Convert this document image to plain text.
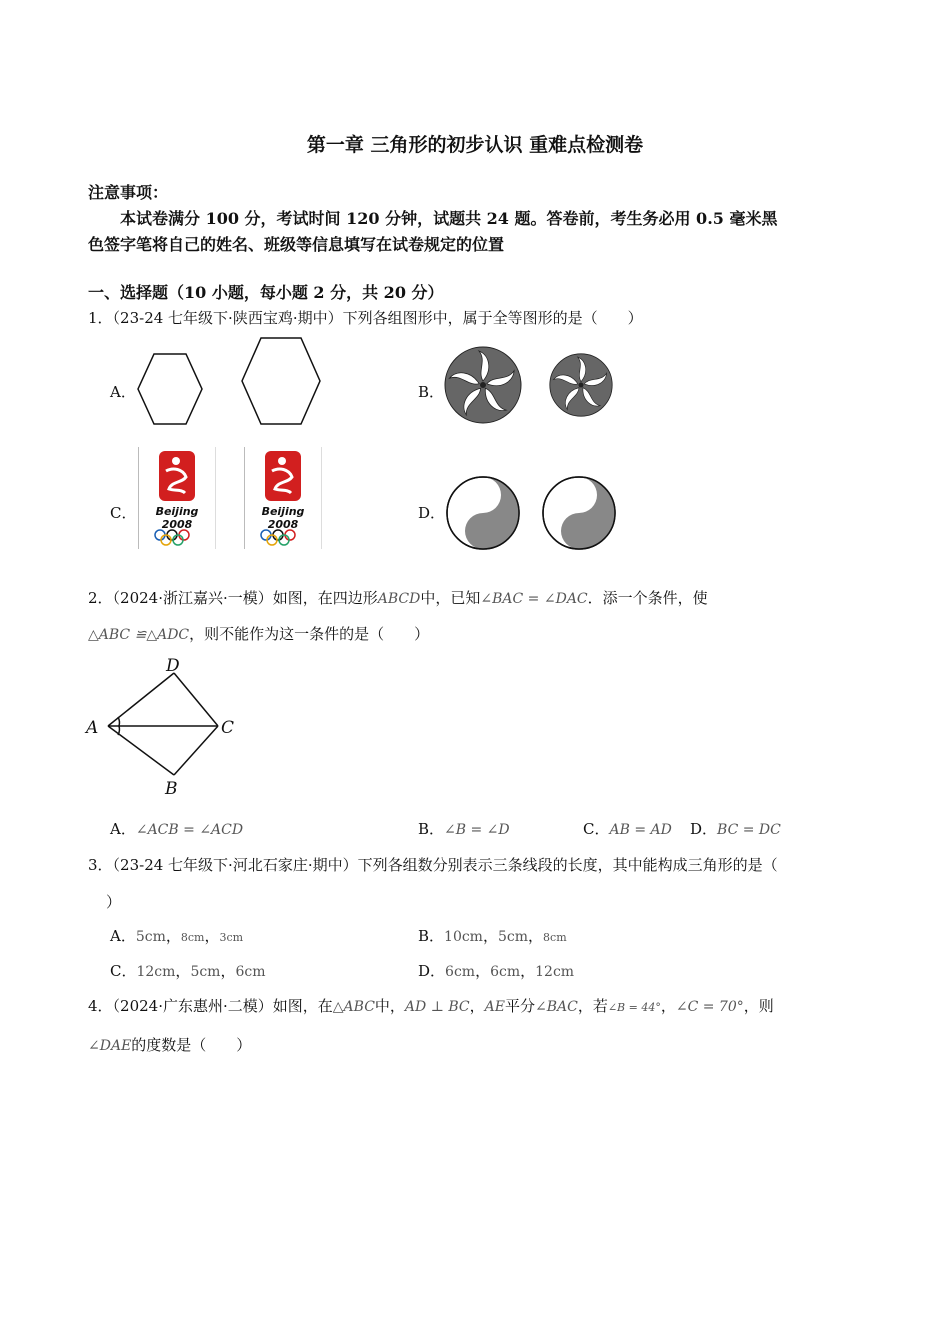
第一章 三角形的初步认识 重难点检测卷
注意事项：
本试卷满分 100 分，考试时间 120 分钟，试题共 24 题。答卷前，考生务必用 0.5 毫米黑
色签字笔将自己的姓名、班级等信息填写在试卷规定的位置
一、选择题（10 小题，每小题 2 分，共 20 分）
1．（23-24 七年级下·陕西宝鸡·期中）下列各组图形中，属于全等图形的是（　　）
A．	B．
C．	Beijing 2008
Beijing 2008
D．
2．（2024·浙江嘉兴·一模）如图，在四边形ABCD中，已知∠BAC = ∠DAC．添一个条件，使
△ABC ≌△ADC，则不能作为这一条件的是（　　）
D
A	C
B
A．∠ACB = ∠ACD	B．∠B = ∠D	C．AB = AD D．BC = DC
3．（23-24 七年级下·河北石家庄·期中）下列各组数分别表示三条线段的长度，其中能构成三角形的是（
）
A．5cm，8cm，3cm	B．10cm，5cm，8cm
C．12cm，5cm，6cm	D．6cm，6cm，12cm
4．（2024·广东惠州·二模）如图，在△ABC中，AD ⊥ BC，AE平分∠BAC，若∠B = 44°，∠C = 70°，则
∠DAE的度数是（　　）
